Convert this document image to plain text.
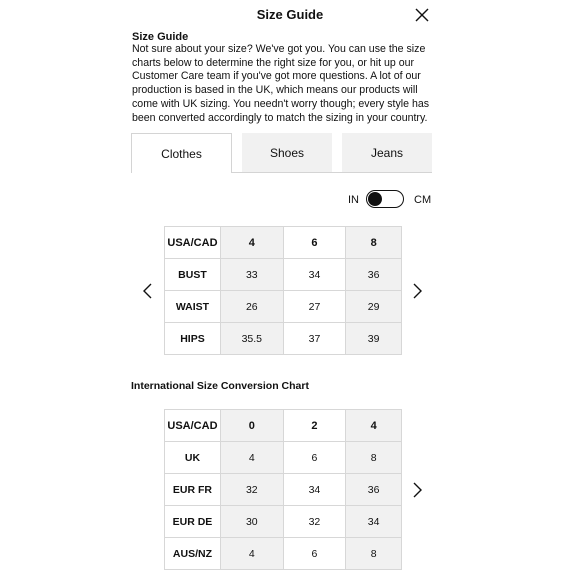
Size Guide
Size Guide
Not sure about your size? We've got you. You can use the size charts below to determine the right size for you, or hit up our Customer Care team if you've got more questions. A lot of our production is based in the UK, which means our products will come with UK sizing. You needn't worry though; every style has been converted accordingly to match the sizing in your country.
Clothes	Shoes	Jeans
IN	CM
USA/CAD	4	6	8
BUST	33	34	36
WAIST	26	27	29
HIPS	35.5	37	39
International Size Conversion Chart
USA/CAD	0	2	4
UK	4	6	8
EUR FR	32	34	36
EUR DE	30	32	34
AUS/NZ	4	6	8
